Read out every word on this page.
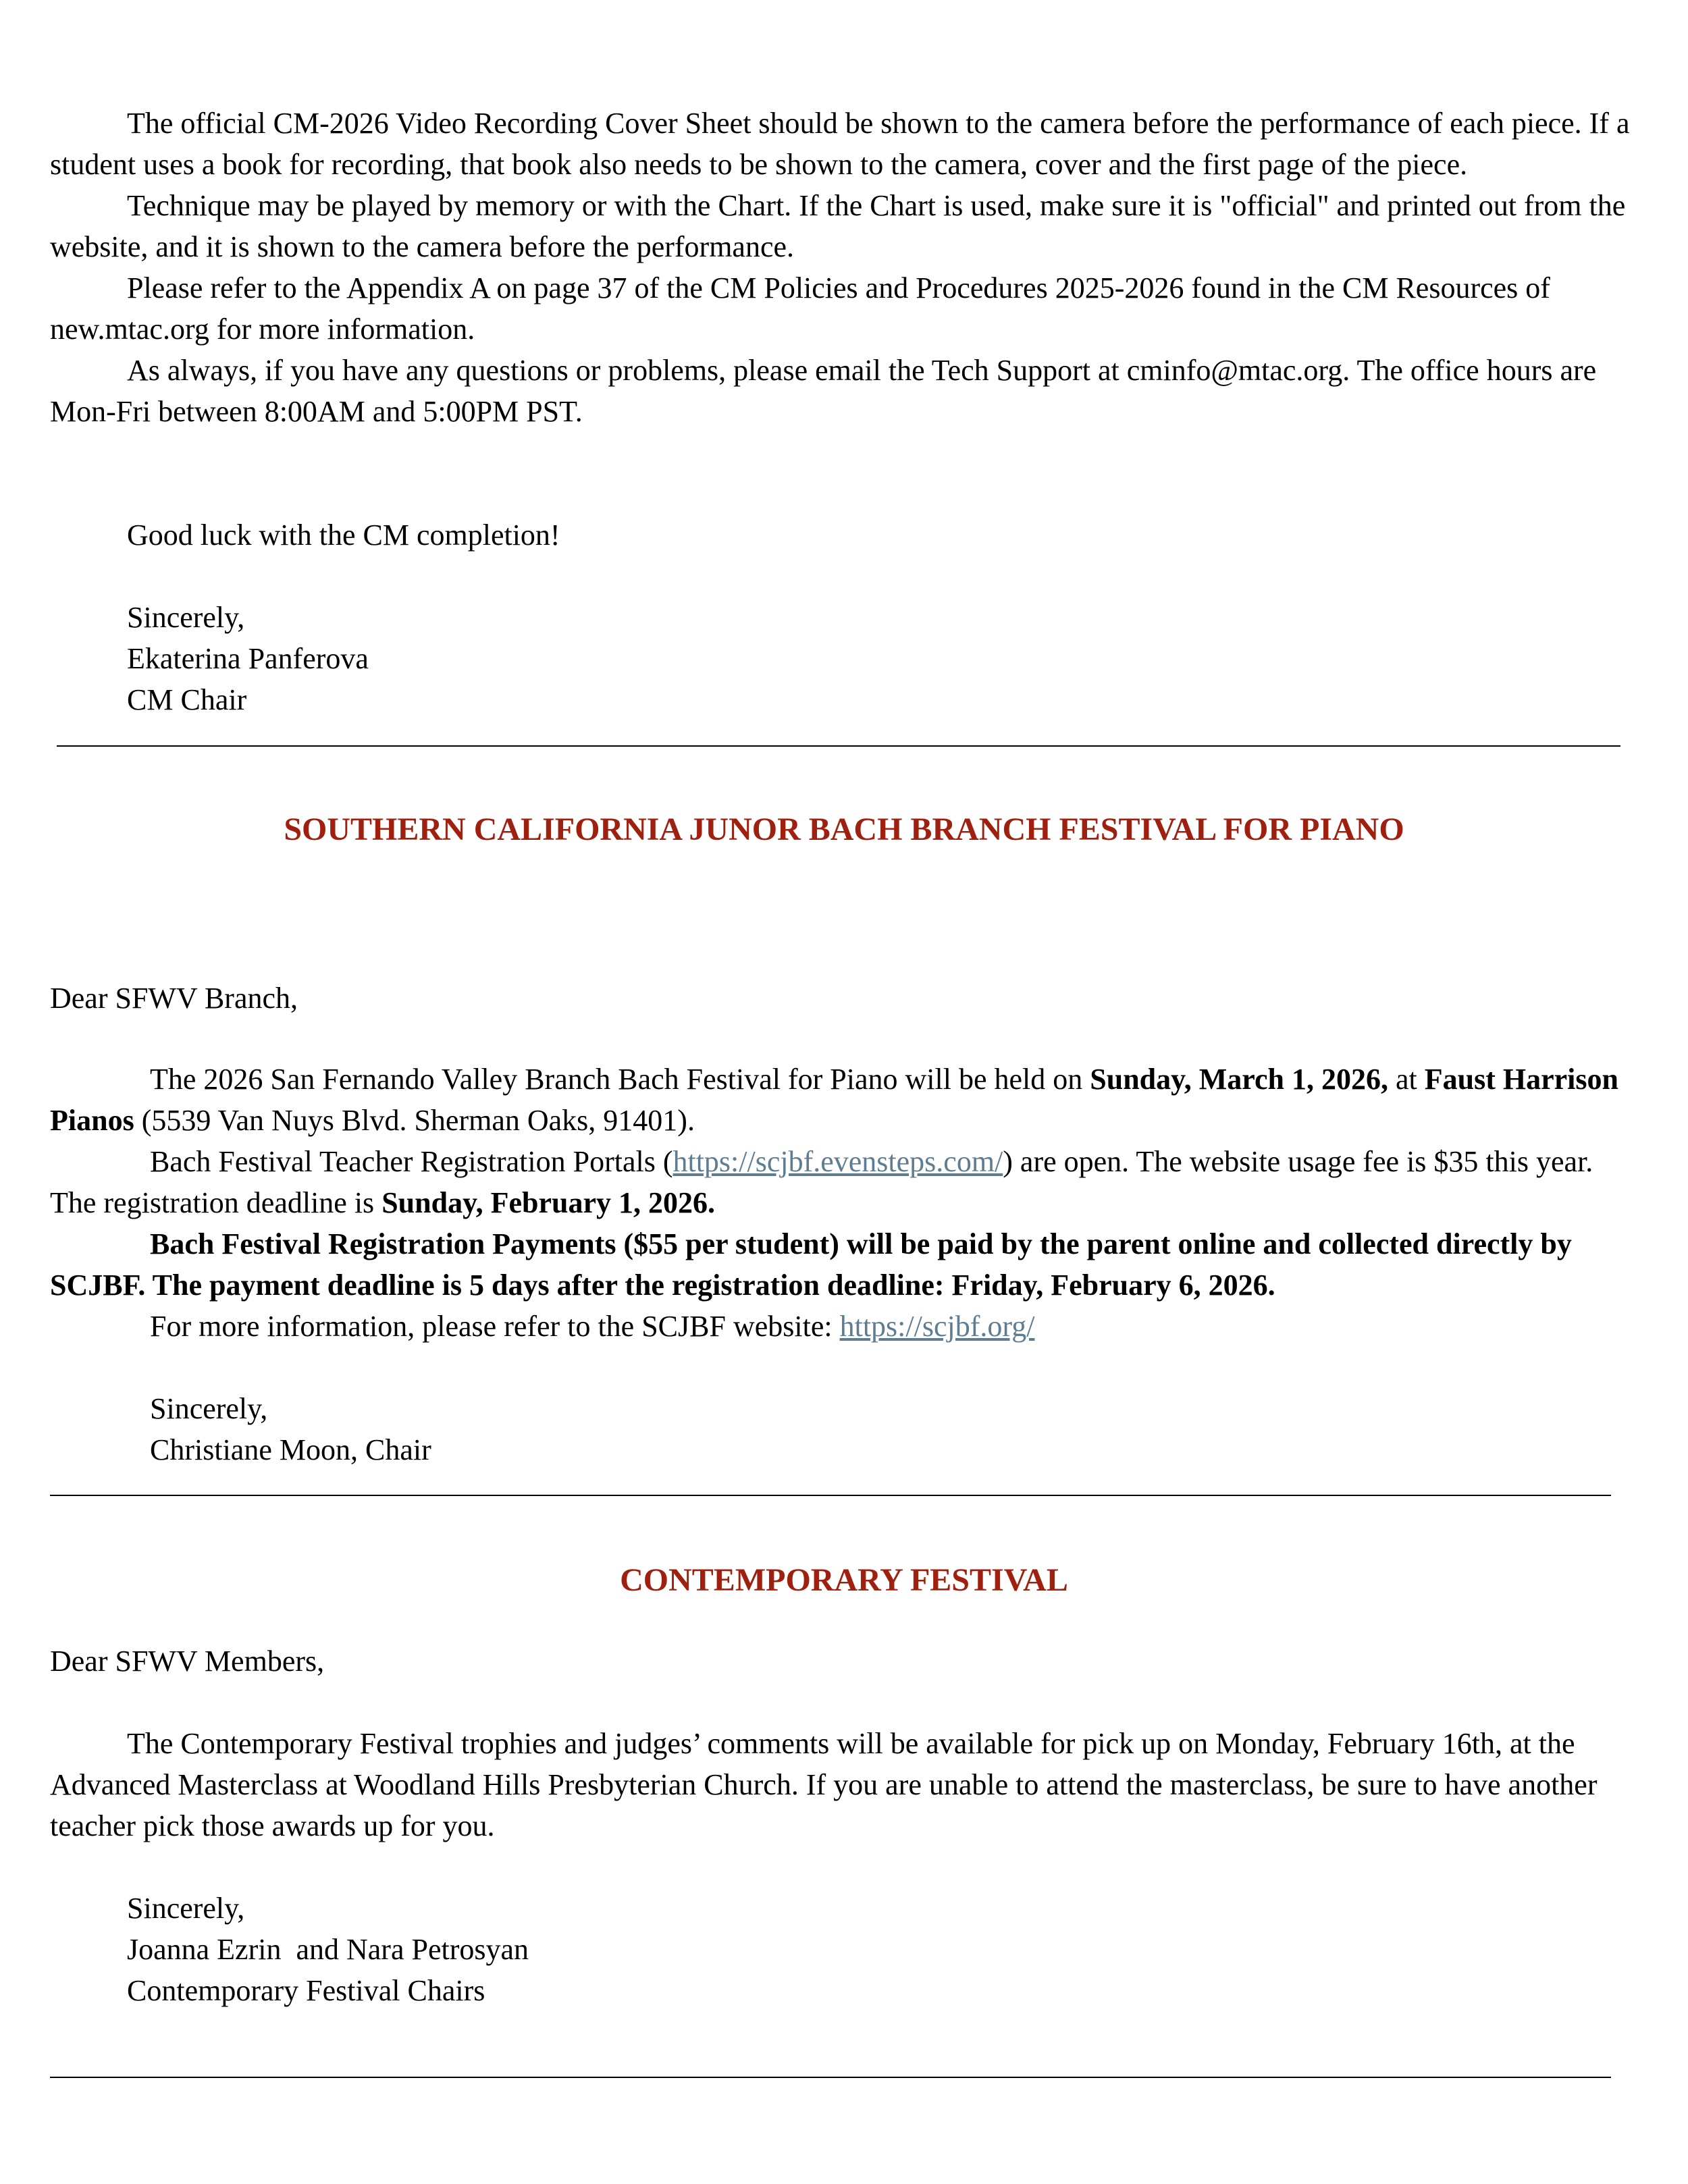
The official CM-2026 Video Recording Cover Sheet should be shown to the camera before the performance of each piece. If a student uses a book for recording, that book also needs to be shown to the camera, cover and the first page of the piece.

Technique may be played by memory or with the Chart. If the Chart is used, make sure it is "official" and printed out from the website, and it is shown to the camera before the performance.

Please refer to the Appendix A on page 37 of the CM Policies and Procedures 2025-2026 found in the CM Resources of new.mtac.org for more information.

As always, if you have any questions or problems, please email the Tech Support at cminfo@mtac.org. The office hours are Mon-Fri between 8:00AM and 5:00PM PST.

Good luck with the CM completion!

Sincerely,

Ekaterina Panferova

CM Chair

SOUTHERN CALIFORNIA JUNOR BACH BRANCH FESTIVAL FOR PIANO

Dear SFWV Branch,

The 2026 San Fernando Valley Branch Bach Festival for Piano will be held on Sunday, March 1, 2026, at Faust Harrison Pianos (5539 Van Nuys Blvd. Sherman Oaks, 91401).

Bach Festival Teacher Registration Portals (https://scjbf.evensteps.com/) are open. The website usage fee is $35 this year. The registration deadline is Sunday, February 1, 2026.

Bach Festival Registration Payments ($55 per student) will be paid by the parent online and collected directly by SCJBF. The payment deadline is 5 days after the registration deadline: Friday, February 6, 2026.

For more information, please refer to the SCJBF website: https://scjbf.org/

Sincerely,

Christiane Moon, Chair

CONTEMPORARY FESTIVAL

Dear SFWV Members,

The Contemporary Festival trophies and judges’ comments will be available for pick up on Monday, February 16th, at the Advanced Masterclass at Woodland Hills Presbyterian Church. If you are unable to attend the masterclass, be sure to have another teacher pick those awards up for you.

Sincerely,

Joanna Ezrin  and Nara Petrosyan

Contemporary Festival Chairs
